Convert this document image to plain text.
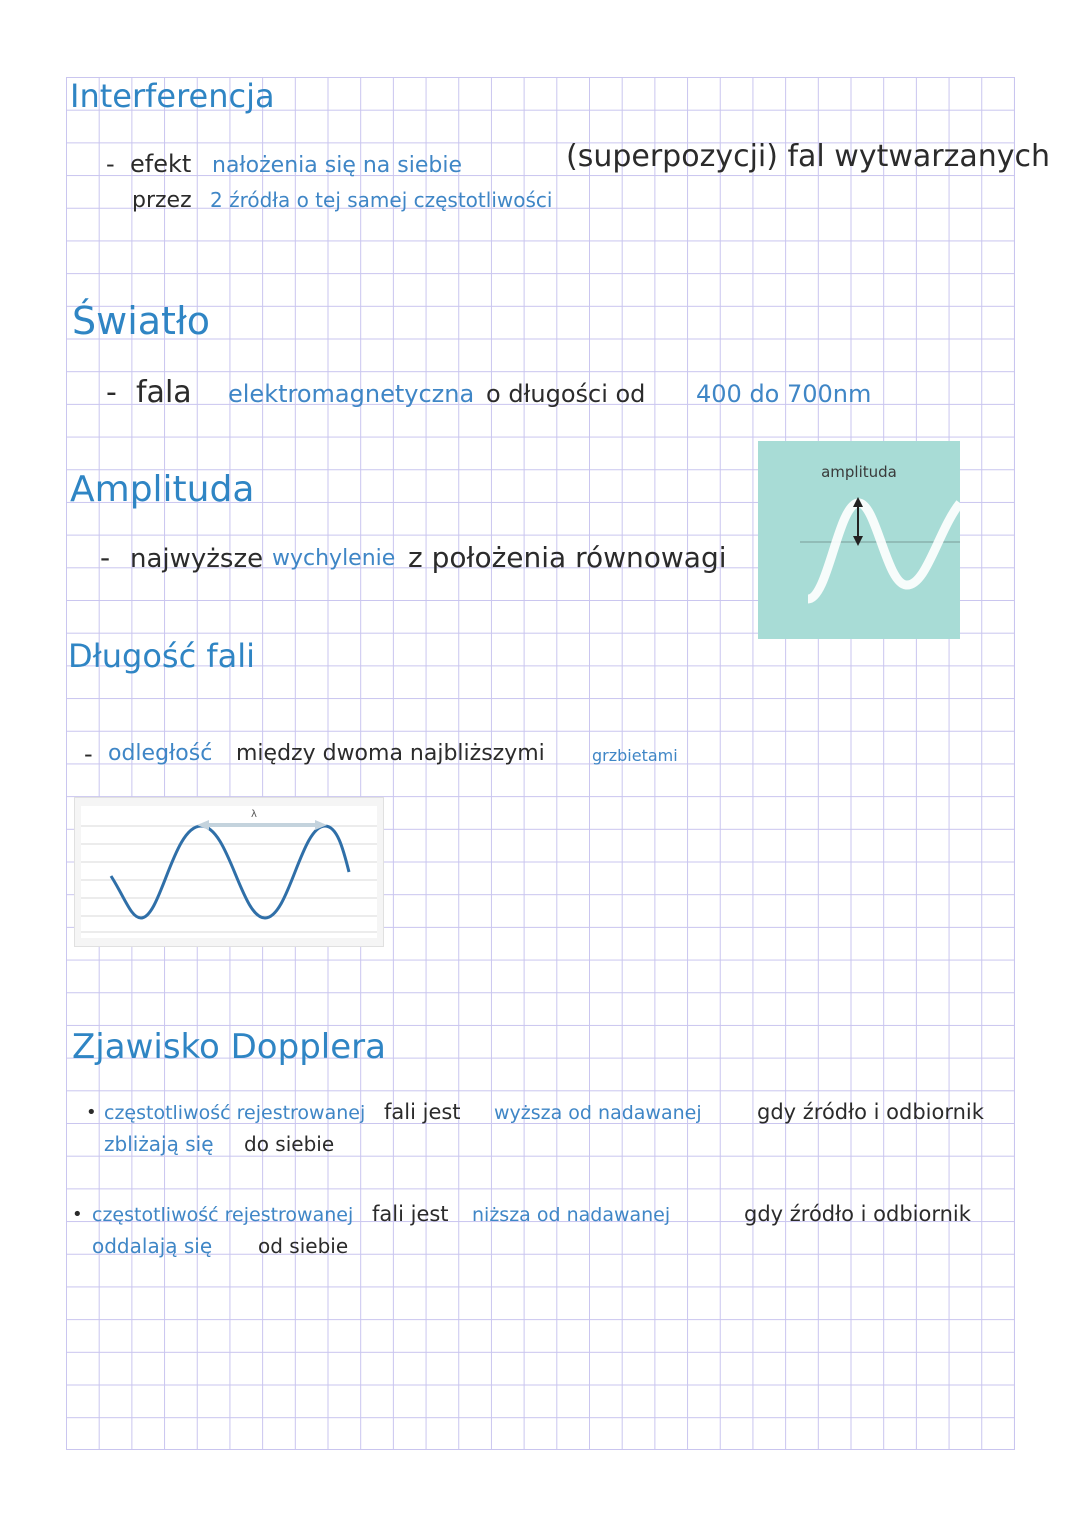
Interferencja
- efekt nałożenia się na siebie	(superpozycji) fal wytwarzanych
przez 2 źródła o tej samej częstotliwości
Światło
- fala elektromagnetyczna o długości od 400 do 700nm
Amplituda
- najwyższe wychylenie z położenia równowagi
amplituda
Długość fali
- odległość między dwoma najbliższymi	grzbietami
λ
Zjawisko Dopplera
• częstotliwość rejestrowanej fali jest wyższa od nadawanej	gdy źródło i odbiornik
zbliżają się do siebie
• częstotliwość rejestrowanej fali jest niższa od nadawanej	gdy źródło i odbiornik
oddalają się od siebie
